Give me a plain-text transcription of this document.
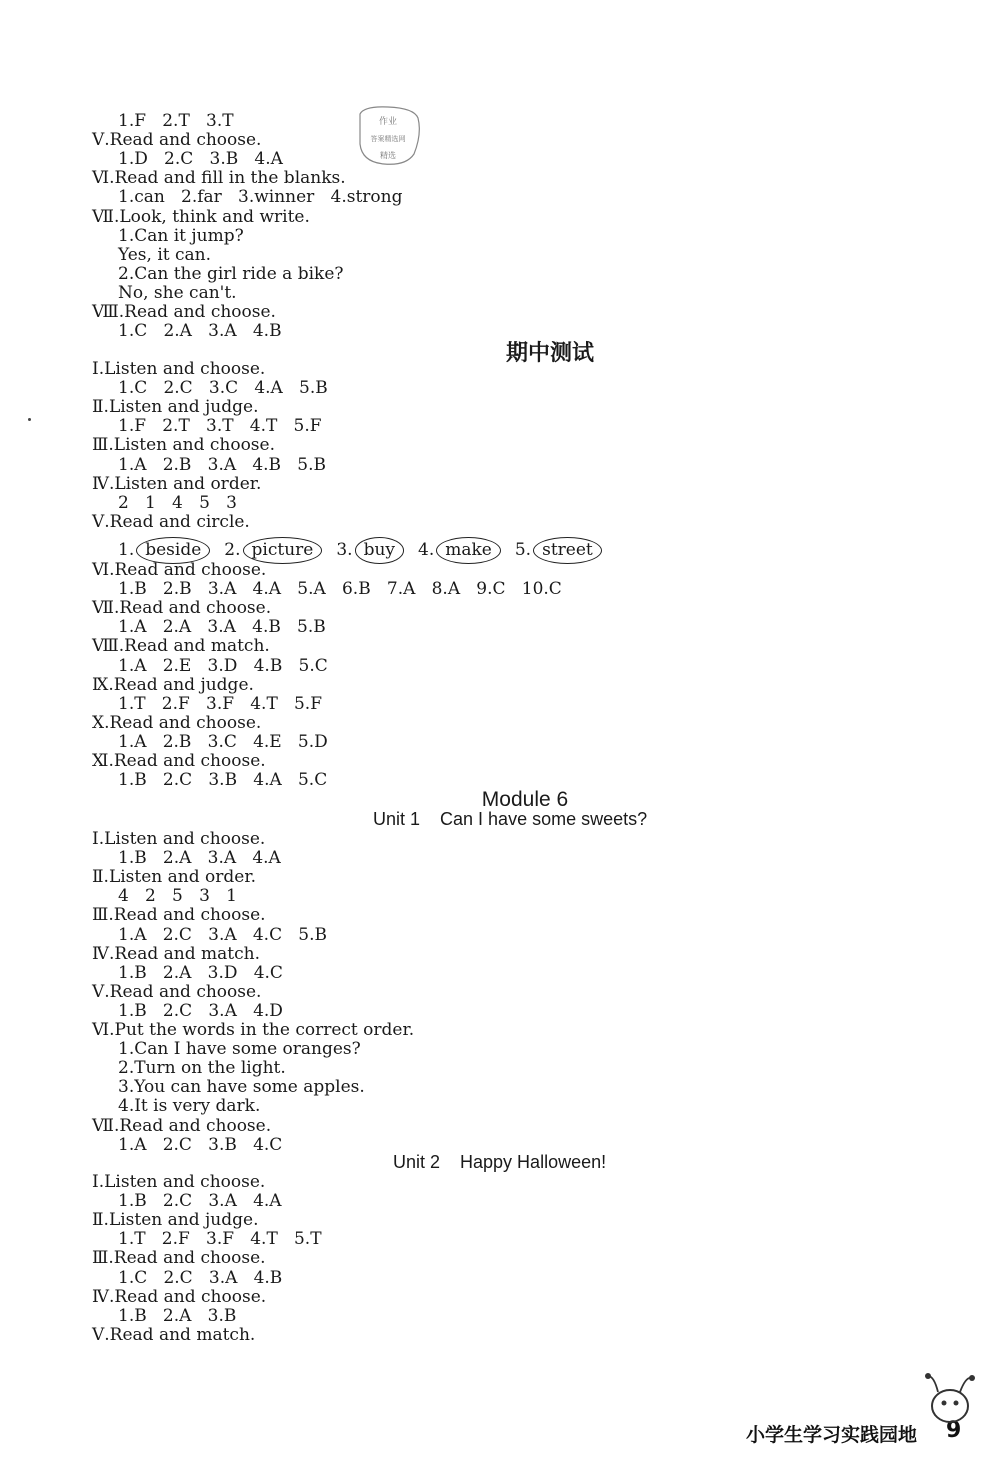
1.F   2.T   3.T
Ⅴ.Read and choose.
1.D   2.C   3.B   4.A
Ⅵ.Read and fill in the blanks.
1.can   2.far   3.winner   4.strong
Ⅶ.Look, think and write.
1.Can it jump?
Yes, it can.
2.Can the girl ride a bike?
No, she can't.
Ⅷ.Read and choose.
1.C   2.A   3.A   4.B
作业
答案精选网
精选
期中测试
Ⅰ.Listen and choose.
1.C   2.C   3.C   4.A   5.B
Ⅱ.Listen and judge.
1.F   2.T   3.T   4.T   5.F
Ⅲ.Listen and choose.
1.A   2.B   3.A   4.B   5.B
Ⅳ.Listen and order.
2   1   4   5   3
Ⅴ.Read and circle.
1. beside	2. picture	3. buy	4. make	5. street
Ⅵ.Read and choose.
1.B   2.B   3.A   4.A   5.A   6.B   7.A   8.A   9.C   10.C
Ⅶ.Read and choose.
1.A   2.A   3.A   4.B   5.B
Ⅷ.Read and match.
1.A   2.E   3.D   4.B   5.C
Ⅸ.Read and judge.
1.T   2.F   3.F   4.T   5.F
Ⅹ.Read and choose.
1.A   2.B   3.C   4.E   5.D
Ⅺ.Read and choose.
1.B   2.C   3.B   4.A   5.C
Module 6
Unit 1    Can I have some sweets?
Ⅰ.Listen and choose.
1.B   2.A   3.A   4.A
Ⅱ.Listen and order.
4   2   5   3   1
Ⅲ.Read and choose.
1.A   2.C   3.A   4.C   5.B
Ⅳ.Read and match.
1.B   2.A   3.D   4.C
Ⅴ.Read and choose.
1.B   2.C   3.A   4.D
Ⅵ.Put the words in the correct order.
1.Can I have some oranges?
2.Turn on the light.
3.You can have some apples.
4.It is very dark.
Ⅶ.Read and choose.
1.A   2.C   3.B   4.C
Unit 2    Happy Halloween!
Ⅰ.Listen and choose.
1.B   2.C   3.A   4.A
Ⅱ.Listen and judge.
1.T   2.F   3.F   4.T   5.T
Ⅲ.Read and choose.
1.C   2.C   3.A   4.B
Ⅳ.Read and choose.
1.B   2.A   3.B
Ⅴ.Read and match.
小学生学习实践园地 9
